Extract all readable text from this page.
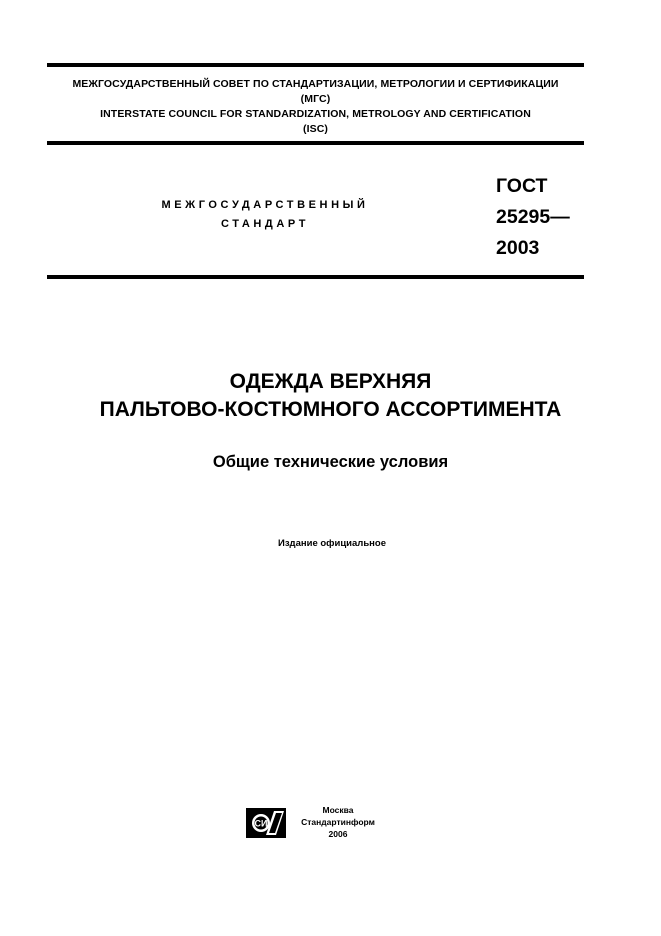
МЕЖГОСУДАРСТВЕННЫЙ СОВЕТ ПО СТАНДАРТИЗАЦИИ, МЕТРОЛОГИИ И СЕРТИФИКАЦИИ
(МГС)
INTERSTATE COUNCIL FOR STANDARDIZATION, METROLOGY AND CERTIFICATION
(ISC)
МЕЖГОСУДАРСТВЕННЫЙ
СТАНДАРТ
ГОСТ
25295—
2003
ОДЕЖДА ВЕРХНЯЯ
ПАЛЬТОВО-КОСТЮМНОГО АССОРТИМЕНТА
Общие технические условия
Издание официальное
СИ
Москва
Стандартинформ
2006
